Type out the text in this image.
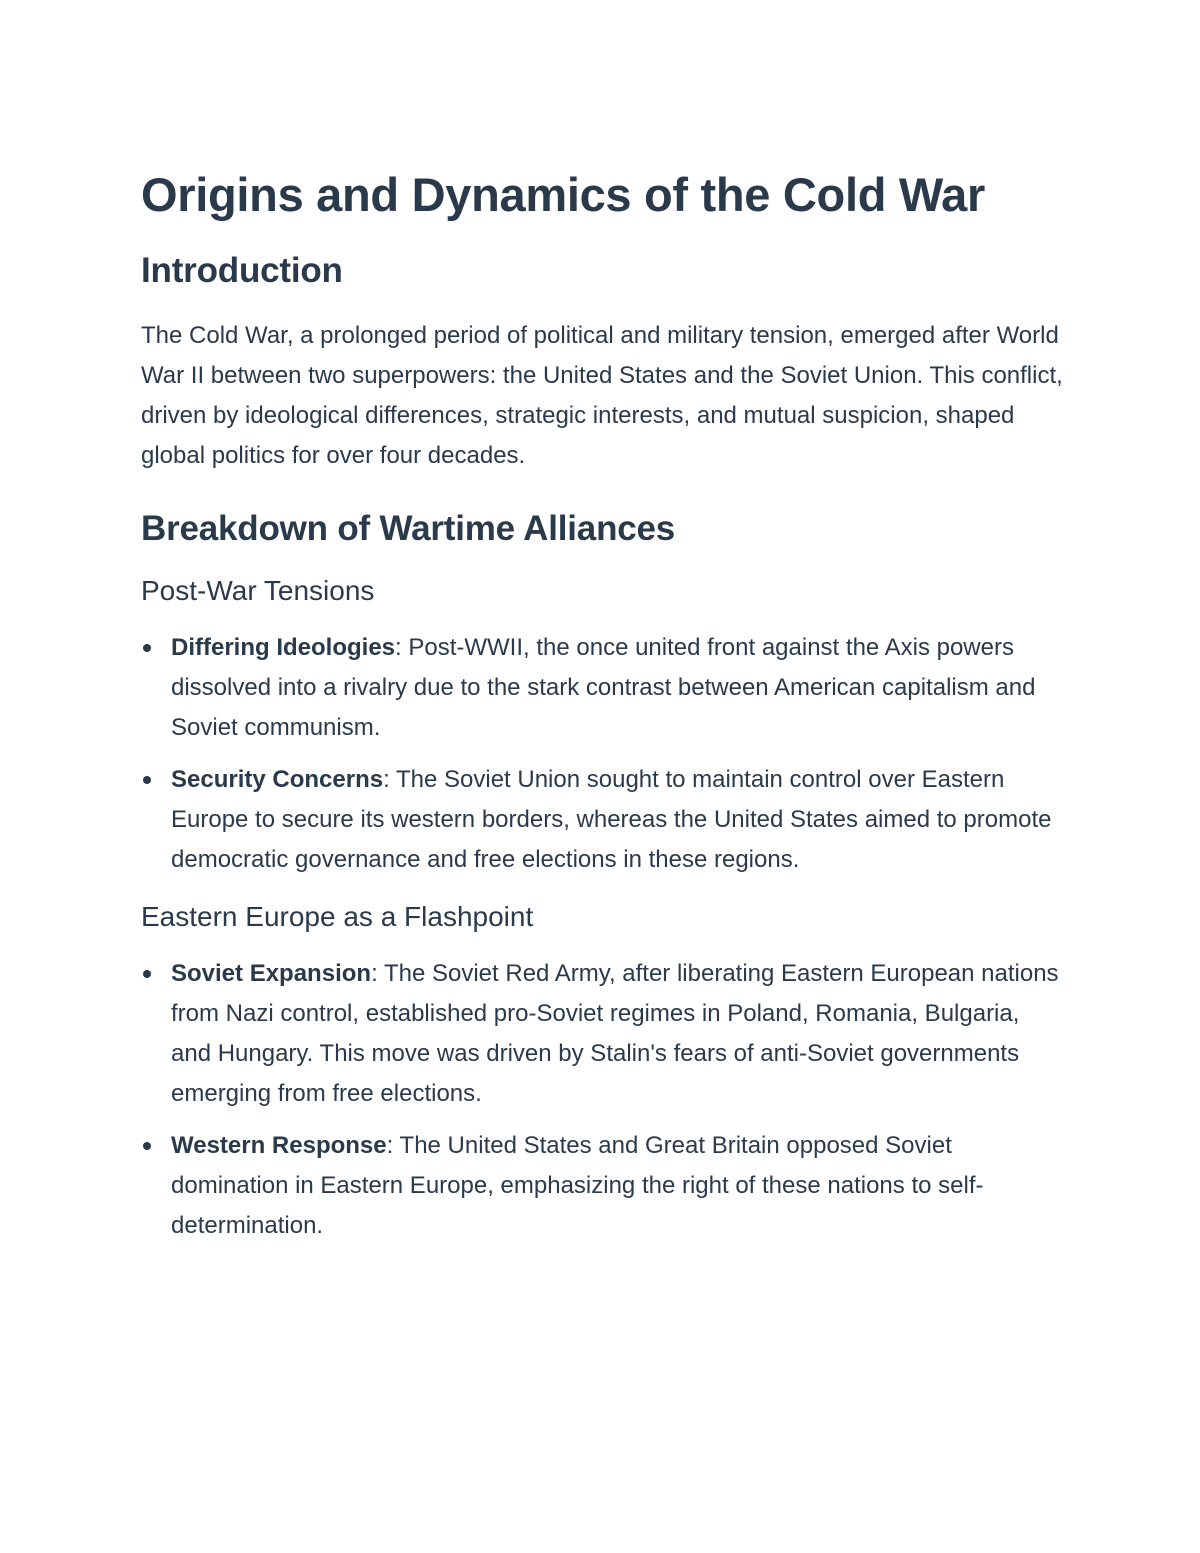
Origins and Dynamics of the Cold War
Introduction

The Cold War, a prolonged period of political and military tension, emerged after World War II between two superpowers: the United States and the Soviet Union. This conflict, driven by ideological differences, strategic interests, and mutual suspicion, shaped global politics for over four decades.

Breakdown of Wartime Alliances
Post-War Tensions
Differing Ideologies: Post-WWII, the once united front against the Axis powers dissolved into a rivalry due to the stark contrast between American capitalism and Soviet communism.
Security Concerns: The Soviet Union sought to maintain control over Eastern Europe to secure its western borders, whereas the United States aimed to promote democratic governance and free elections in these regions.
Eastern Europe as a Flashpoint
Soviet Expansion: The Soviet Red Army, after liberating Eastern European nations from Nazi control, established pro-Soviet regimes in Poland, Romania, Bulgaria, and Hungary. This move was driven by Stalin's fears of anti-Soviet governments emerging from free elections.
Western Response: The United States and Great Britain opposed Soviet domination in Eastern Europe, emphasizing the right of these nations to self-determination.
